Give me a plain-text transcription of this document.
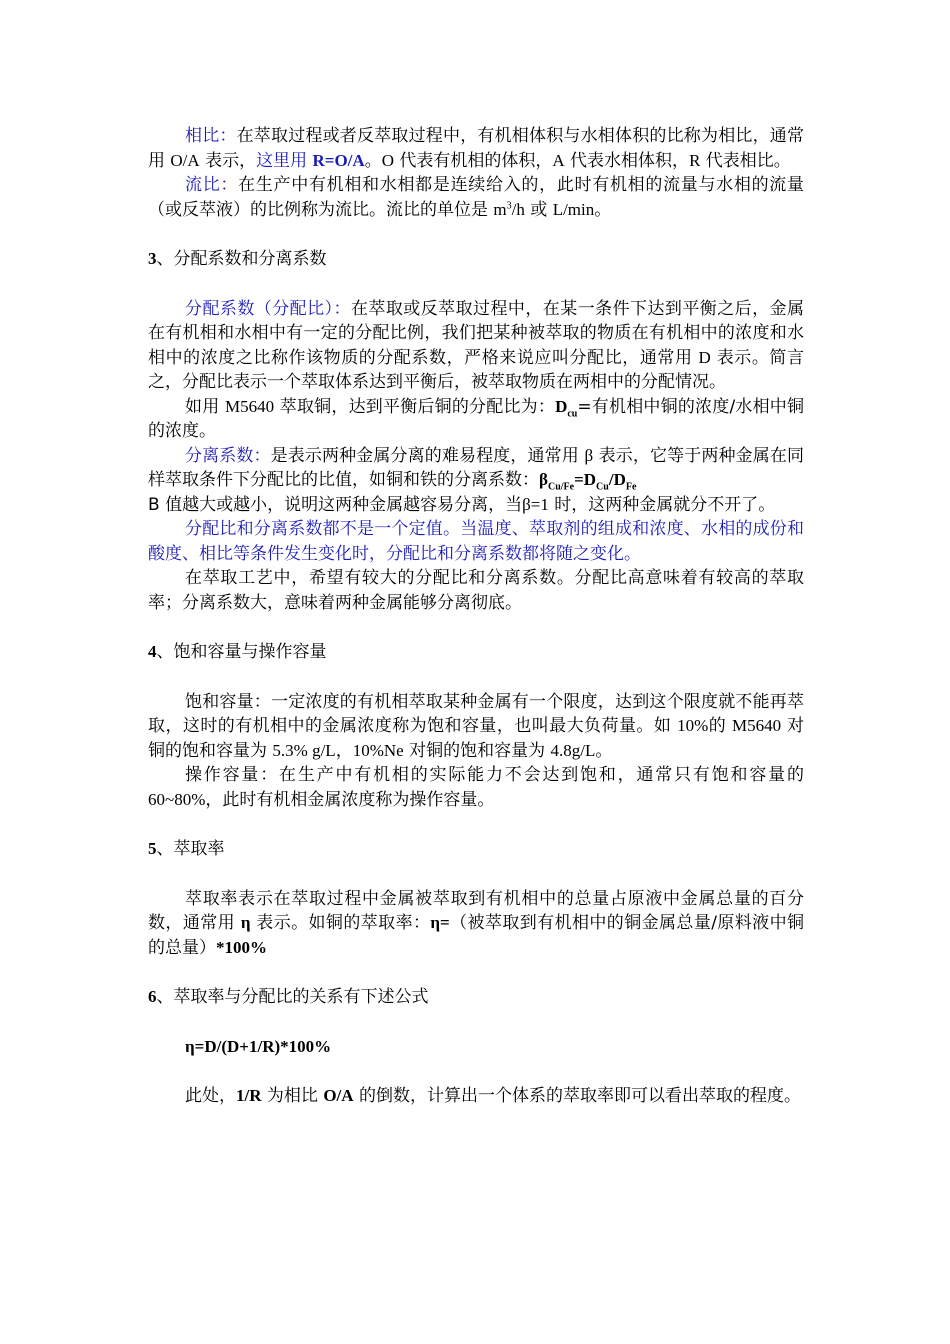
相比：在萃取过程或者反萃取过程中，有机相体积与水相体积的比称为相比，通常用 O/A 表示，这里用 R=O/A。O 代表有机相的体积，A 代表水相体积，R 代表相比。

流比：在生产中有机相和水相都是连续给入的，此时有机相的流量与水相的流量（或反萃液）的比例称为流比。流比的单位是 $m^3/h$ 或 L/min。

3、分配系数和分离系数

分配系数（分配比）：在萃取或反萃取过程中，在某一条件下达到平衡之后，金属在有机相和水相中有一定的分配比例，我们把某种被萃取的物质在有机相中的浓度和水相中的浓度之比称作该物质的分配系数，严格来说应叫分配比，通常用 D 表示。简言之，分配比表示一个萃取体系达到平衡后，被萃取物质在两相中的分配情况。

如用 M5640 萃取铜，达到平衡后铜的分配比为：$D_{cu}=$有机相中铜的浓度/水相中铜的浓度。

分离系数：是表示两种金属分离的难易程度，通常用 β 表示，它等于两种金属在同样萃取条件下分配比的比值，如铜和铁的分离系数：$\beta_{Cu/Fe}=D_{Cu}/D_{Fe}$
B 值越大或越小，说明这两种金属越容易分离，当β=1 时，这两种金属就分不开了。

分配比和分离系数都不是一个定值。当温度、萃取剂的组成和浓度、水相的成份和酸度、相比等条件发生变化时，分配比和分离系数都将随之变化。

在萃取工艺中，希望有较大的分配比和分离系数。分配比高意味着有较高的萃取率；分离系数大，意味着两种金属能够分离彻底。

4、饱和容量与操作容量

饱和容量：一定浓度的有机相萃取某种金属有一个限度，达到这个限度就不能再萃取，这时的有机相中的金属浓度称为饱和容量，也叫最大负荷量。如 10%的 M5640 对铜的饱和容量为 5.3% g/L，10%Ne 对铜的饱和容量为 4.8g/L。

操作容量：在生产中有机相的实际能力不会达到饱和，通常只有饱和容量的 60~80%，此时有机相金属浓度称为操作容量。

5、萃取率

萃取率表示在萃取过程中金属被萃取到有机相中的总量占原液中金属总量的百分数，通常用 η 表示。如铜的萃取率：η=（被萃取到有机相中的铜金属总量/原料液中铜的总量）*100%

6、萃取率与分配比的关系有下述公式

η=D/(D+1/R)*100%

此处，1/R 为相比 O/A 的倒数，计算出一个体系的萃取率即可以看出萃取的程度。
